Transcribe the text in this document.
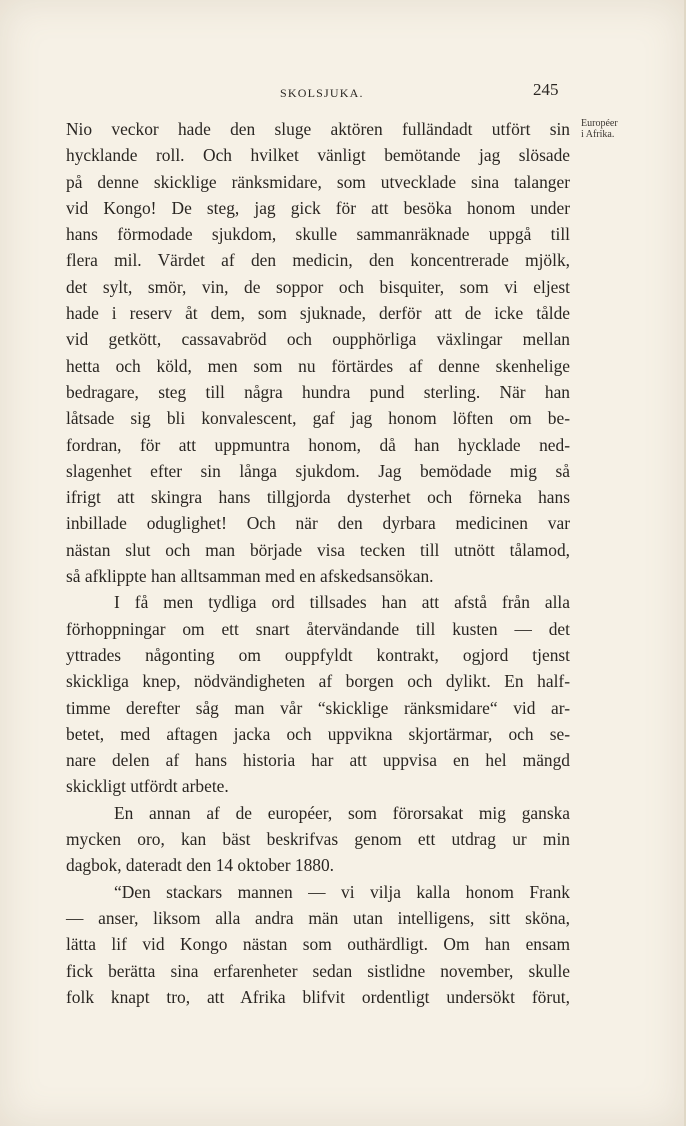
SKOLSJUKA.	245
Européer
i Afrika.
Nio veckor hade den sluge aktören fulländadt utfört sin
hycklande roll. Och hvilket vänligt bemötande jag slösade
på denne skicklige ränksmidare, som utvecklade sina talanger
vid Kongo! De steg, jag gick för att besöka honom under
hans förmodade sjukdom, skulle sammanräknade uppgå till
flera mil. Värdet af den medicin, den koncentrerade mjölk,
det sylt, smör, vin, de soppor och bisquiter, som vi eljest
hade i reserv åt dem, som sjuknade, derför att de icke tålde
vid getkött, cassavabröd och oupphörliga växlingar mellan
hetta och köld, men som nu förtärdes af denne skenhelige
bedragare, steg till några hundra pund sterling. När han
låtsade sig bli konvalescent, gaf jag honom löften om be-
fordran, för att uppmuntra honom, då han hycklade ned-
slagenhet efter sin långa sjukdom. Jag bemödade mig så
ifrigt att skingra hans tillgjorda dysterhet och förneka hans
inbillade oduglighet! Och när den dyrbara medicinen var
nästan slut och man började visa tecken till utnött tålamod,
så afklippte han alltsamman med en afskedsansökan.
I få men tydliga ord tillsades han att afstå från alla
förhoppningar om ett snart återvändande till kusten — det
yttrades någonting om ouppfyldt kontrakt, ogjord tjenst
skickliga knep, nödvändigheten af borgen och dylikt. En half-
timme derefter såg man vår “skicklige ränksmidare“ vid ar-
betet, med aftagen jacka och uppvikna skjortärmar, och se-
nare delen af hans historia har att uppvisa en hel mängd
skickligt utfördt arbete.
En annan af de européer, som förorsakat mig ganska
mycken oro, kan bäst beskrifvas genom ett utdrag ur min
dagbok, dateradt den 14 oktober 1880.
“Den stackars mannen — vi vilja kalla honom Frank
— anser, liksom alla andra män utan intelligens, sitt sköna,
lätta lif vid Kongo nästan som outhärdligt. Om han ensam
fick berätta sina erfarenheter sedan sistlidne november, skulle
folk knapt tro, att Afrika blifvit ordentligt undersökt förut,
